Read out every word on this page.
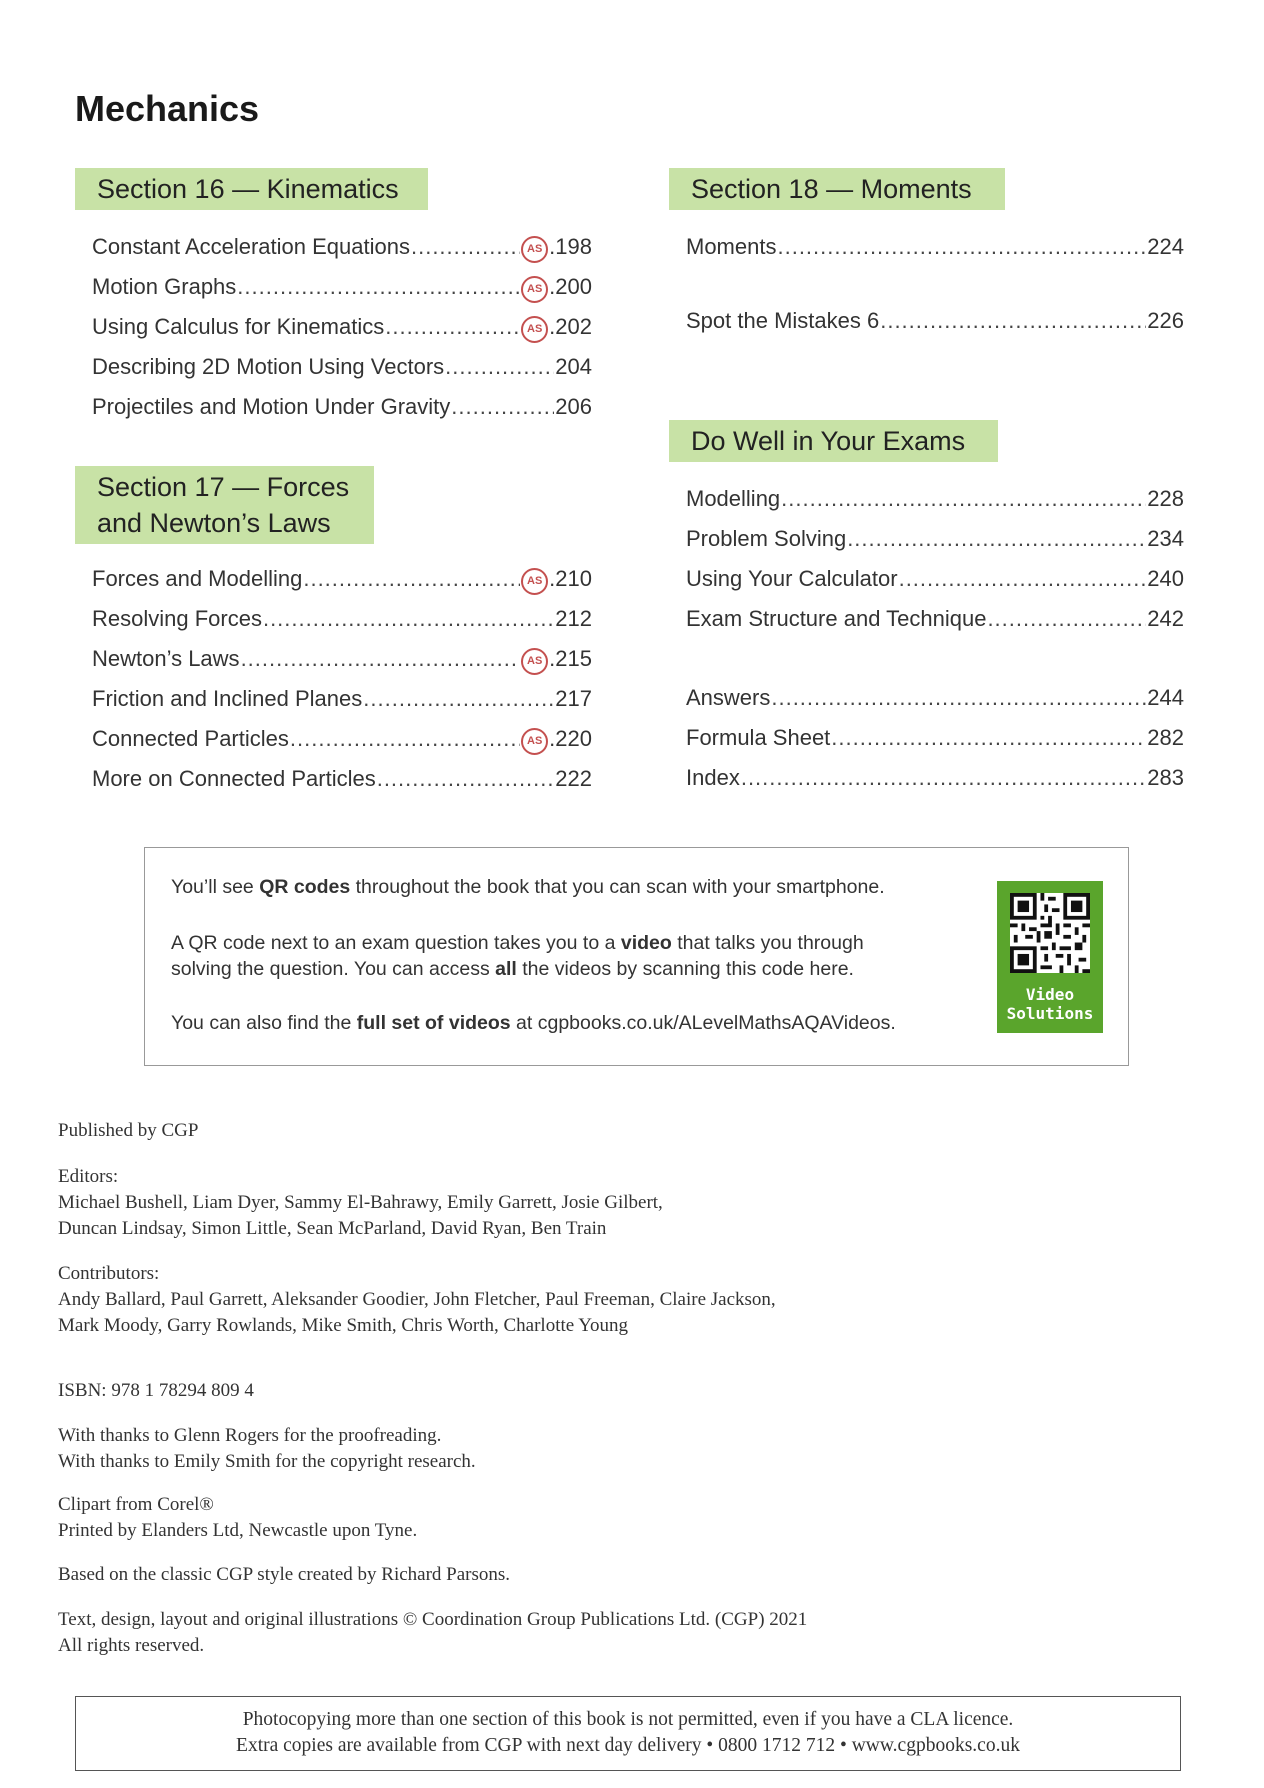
Mechanics
Section 16 — Kinematics
Constant Acceleration Equations .....	AS .198
Motion Graphs .....	AS .200
Using Calculus for Kinematics .....	AS .202
Describing 2D Motion Using Vectors .....	204
Projectiles and Motion Under Gravity .....	206
Section 17 — Forces
and Newton’s Laws
Forces and Modelling .....	AS .210
Resolving Forces .....	212
Newton’s Laws .....	AS .215
Friction and Inclined Planes .....	217
Connected Particles .....	AS .220
More on Connected Particles .....	222
Section 18 — Moments
Moments .....	224
Spot the Mistakes 6 .....	226
Do Well in Your Exams
Modelling .....	228
Problem Solving .....	234
Using Your Calculator .....	240
Exam Structure and Technique .....	242
Answers .....	244
Formula Sheet .....	282
Index .....	283

You’ll see QR codes throughout the book that you can scan with your smartphone.

A QR code next to an exam question takes you to a video that talks you through

solving the question. You can access all the videos by scanning this code here.

You can also find the full set of videos at cgpbooks.co.uk/ALevelMathsAQAVideos.

Video
Solutions
Published by CGP
Editors:
Michael Bushell, Liam Dyer, Sammy El-Bahrawy, Emily Garrett, Josie Gilbert,
Duncan Lindsay, Simon Little, Sean McParland, David Ryan, Ben Train
Contributors:
Andy Ballard, Paul Garrett, Aleksander Goodier, John Fletcher, Paul Freeman, Claire Jackson,
Mark Moody, Garry Rowlands, Mike Smith, Chris Worth, Charlotte Young
ISBN: 978 1 78294 809 4
With thanks to Glenn Rogers for the proofreading.
With thanks to Emily Smith for the copyright research.
Clipart from Corel®
Printed by Elanders Ltd, Newcastle upon Tyne.
Based on the classic CGP style created by Richard Parsons.
Text, design, layout and original illustrations © Coordination Group Publications Ltd. (CGP) 2021
All rights reserved.
Photocopying more than one section of this book is not permitted, even if you have a CLA licence.
Extra copies are available from CGP with next day delivery • 0800 1712 712 • www.cgpbooks.co.uk
